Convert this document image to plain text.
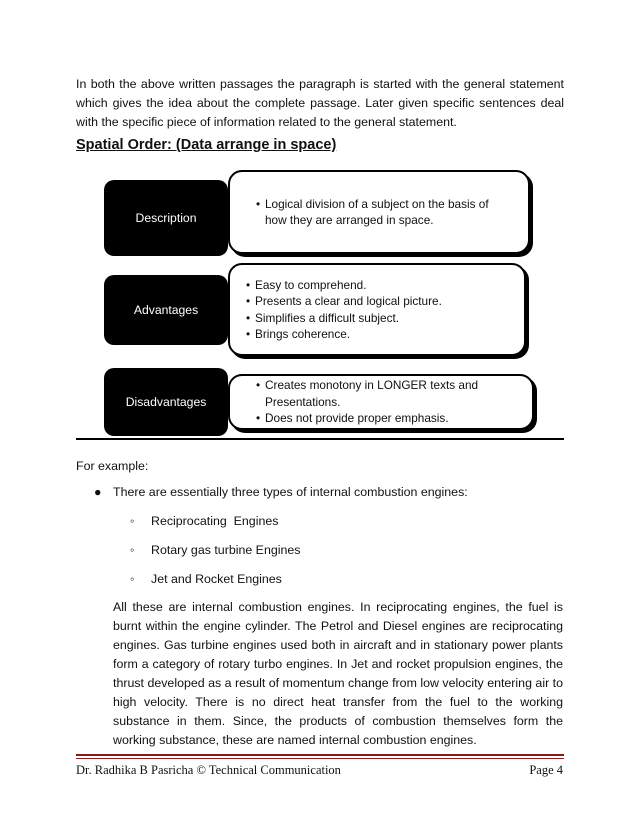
In both the above written passages the paragraph is started with the general statement which gives the idea about the complete passage. Later given specific sentences deal with the specific piece of information related to the general statement.

Spatial Order: (Data arrange in space)
• Logical division of a subject on the basis of how they are arranged in space.
Description
• Easy to comprehend.
• Presents a clear and logical picture.
• Simplifies a difficult subject.
• Brings coherence.
Advantages
• Creates monotony in LONGER texts and Presentations.
• Does not provide proper emphasis.
Disadvantages
For example:
● There are essentially three types of internal combustion engines:
◦ Reciprocating  Engines
◦ Rotary gas turbine Engines
◦ Jet and Rocket Engines

All these are internal combustion engines. In reciprocating engines, the fuel is burnt within the engine cylinder. The Petrol and Diesel engines are reciprocating engines. Gas turbine engines used both in aircraft and in stationary power plants form a category of rotary turbo engines. In Jet and rocket propulsion engines, the thrust developed as a result of momentum change from low velocity entering air to high velocity. There is no direct heat transfer from the fuel to the working substance in them. Since, the products of combustion themselves form the working substance, these are named internal combustion engines.

Dr. Radhika B Pasricha © Technical Communication	Page 4
